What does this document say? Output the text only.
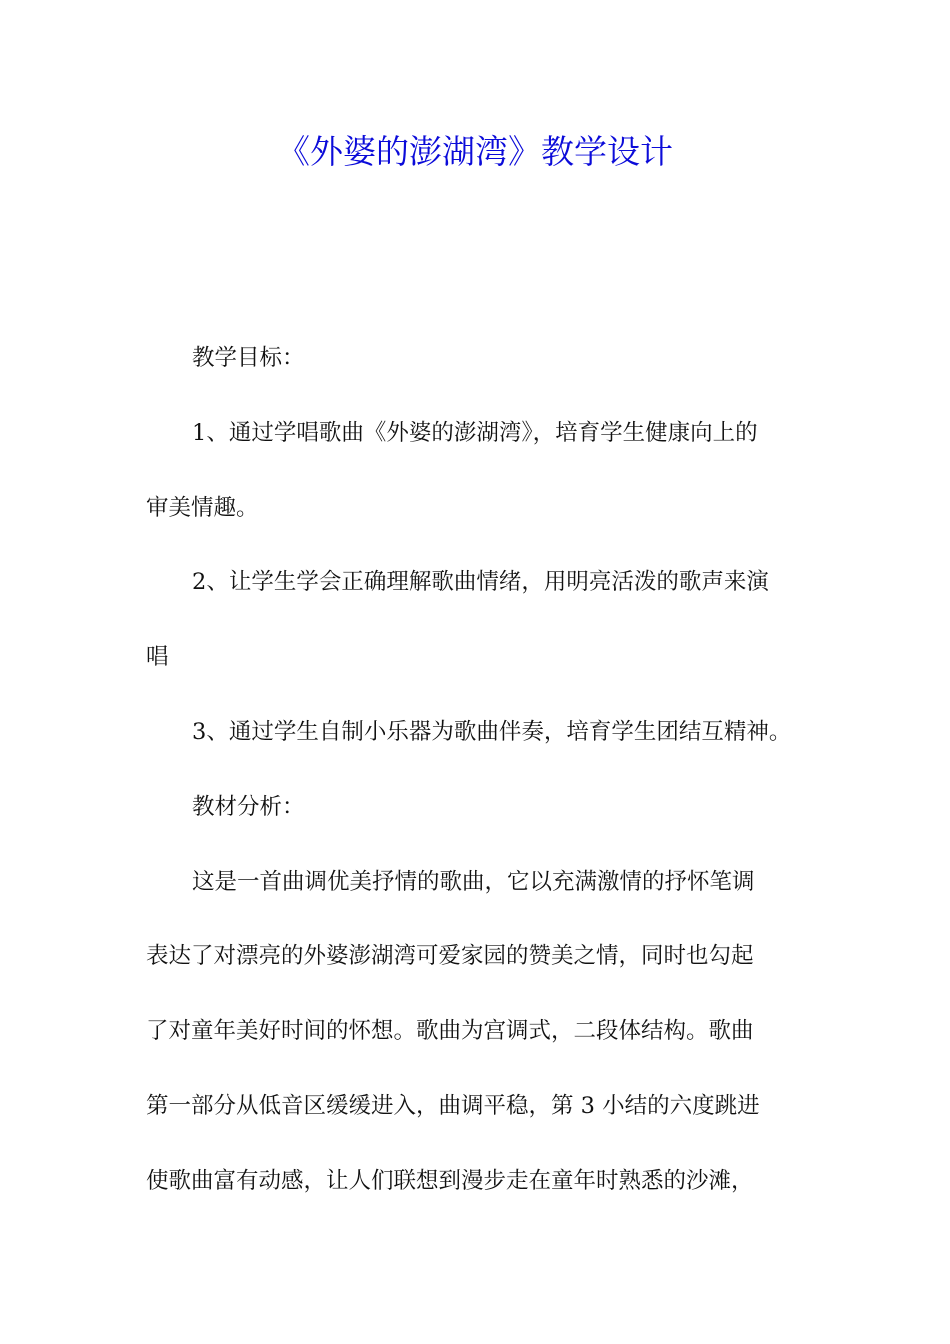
《外婆的澎湖湾》教学设计
教学目标：
1、通过学唱歌曲《外婆的澎湖湾》，培育学生健康向上的
审美情趣。
2、让学生学会正确理解歌曲情绪，用明亮活泼的歌声来演
唱
3、通过学生自制小乐器为歌曲伴奏，培育学生团结互精神。
教材分析：
这是一首曲调优美抒情的歌曲，它以充满激情的抒怀笔调
表达了对漂亮的外婆澎湖湾可爱家园的赞美之情，同时也勾起
了对童年美好时间的怀想。歌曲为宫调式，二段体结构。歌曲
第一部分从低音区缓缓进入，曲调平稳，第 3 小结的六度跳进
使歌曲富有动感，让人们联想到漫步走在童年时熟悉的沙滩，
